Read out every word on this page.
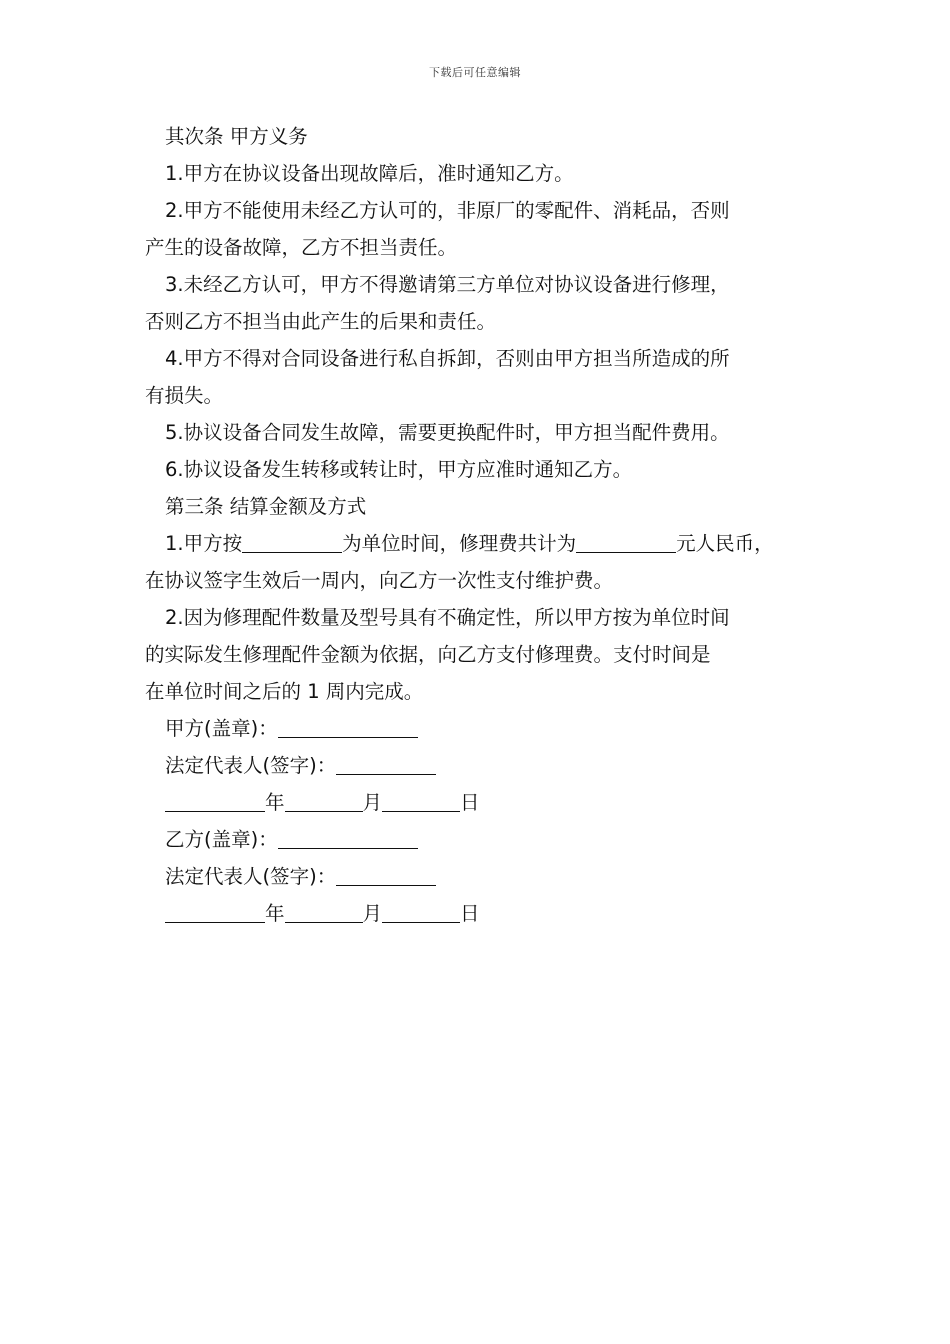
下载后可任意编辑

其次条 甲方义务

1.甲方在协议设备出现故障后，准时通知乙方。

2.甲方不能使用未经乙方认可的，非原厂的零配件、消耗品，否则

产生的设备故障，乙方不担当责任。

3.未经乙方认可，甲方不得邀请第三方单位对协议设备进行修理，

否则乙方不担当由此产生的后果和责任。

4.甲方不得对合同设备进行私自拆卸，否则由甲方担当所造成的所

有损失。

5.协议设备合同发生故障，需要更换配件时，甲方担当配件费用。

6.协议设备发生转移或转让时，甲方应准时通知乙方。

第三条 结算金额及方式

1.甲方按	为单位时间，修理费共计为	元人民币，

在协议签字生效后一周内，向乙方一次性支付维护费。

2.因为修理配件数量及型号具有不确定性，所以甲方按为单位时间

的实际发生修理配件金额为依据，向乙方支付修理费。支付时间是

在单位时间之后的 1 周内完成。

甲方(盖章)：

法定代表人(签字)：

年	月	日

乙方(盖章)：

法定代表人(签字)：

年	月	日
